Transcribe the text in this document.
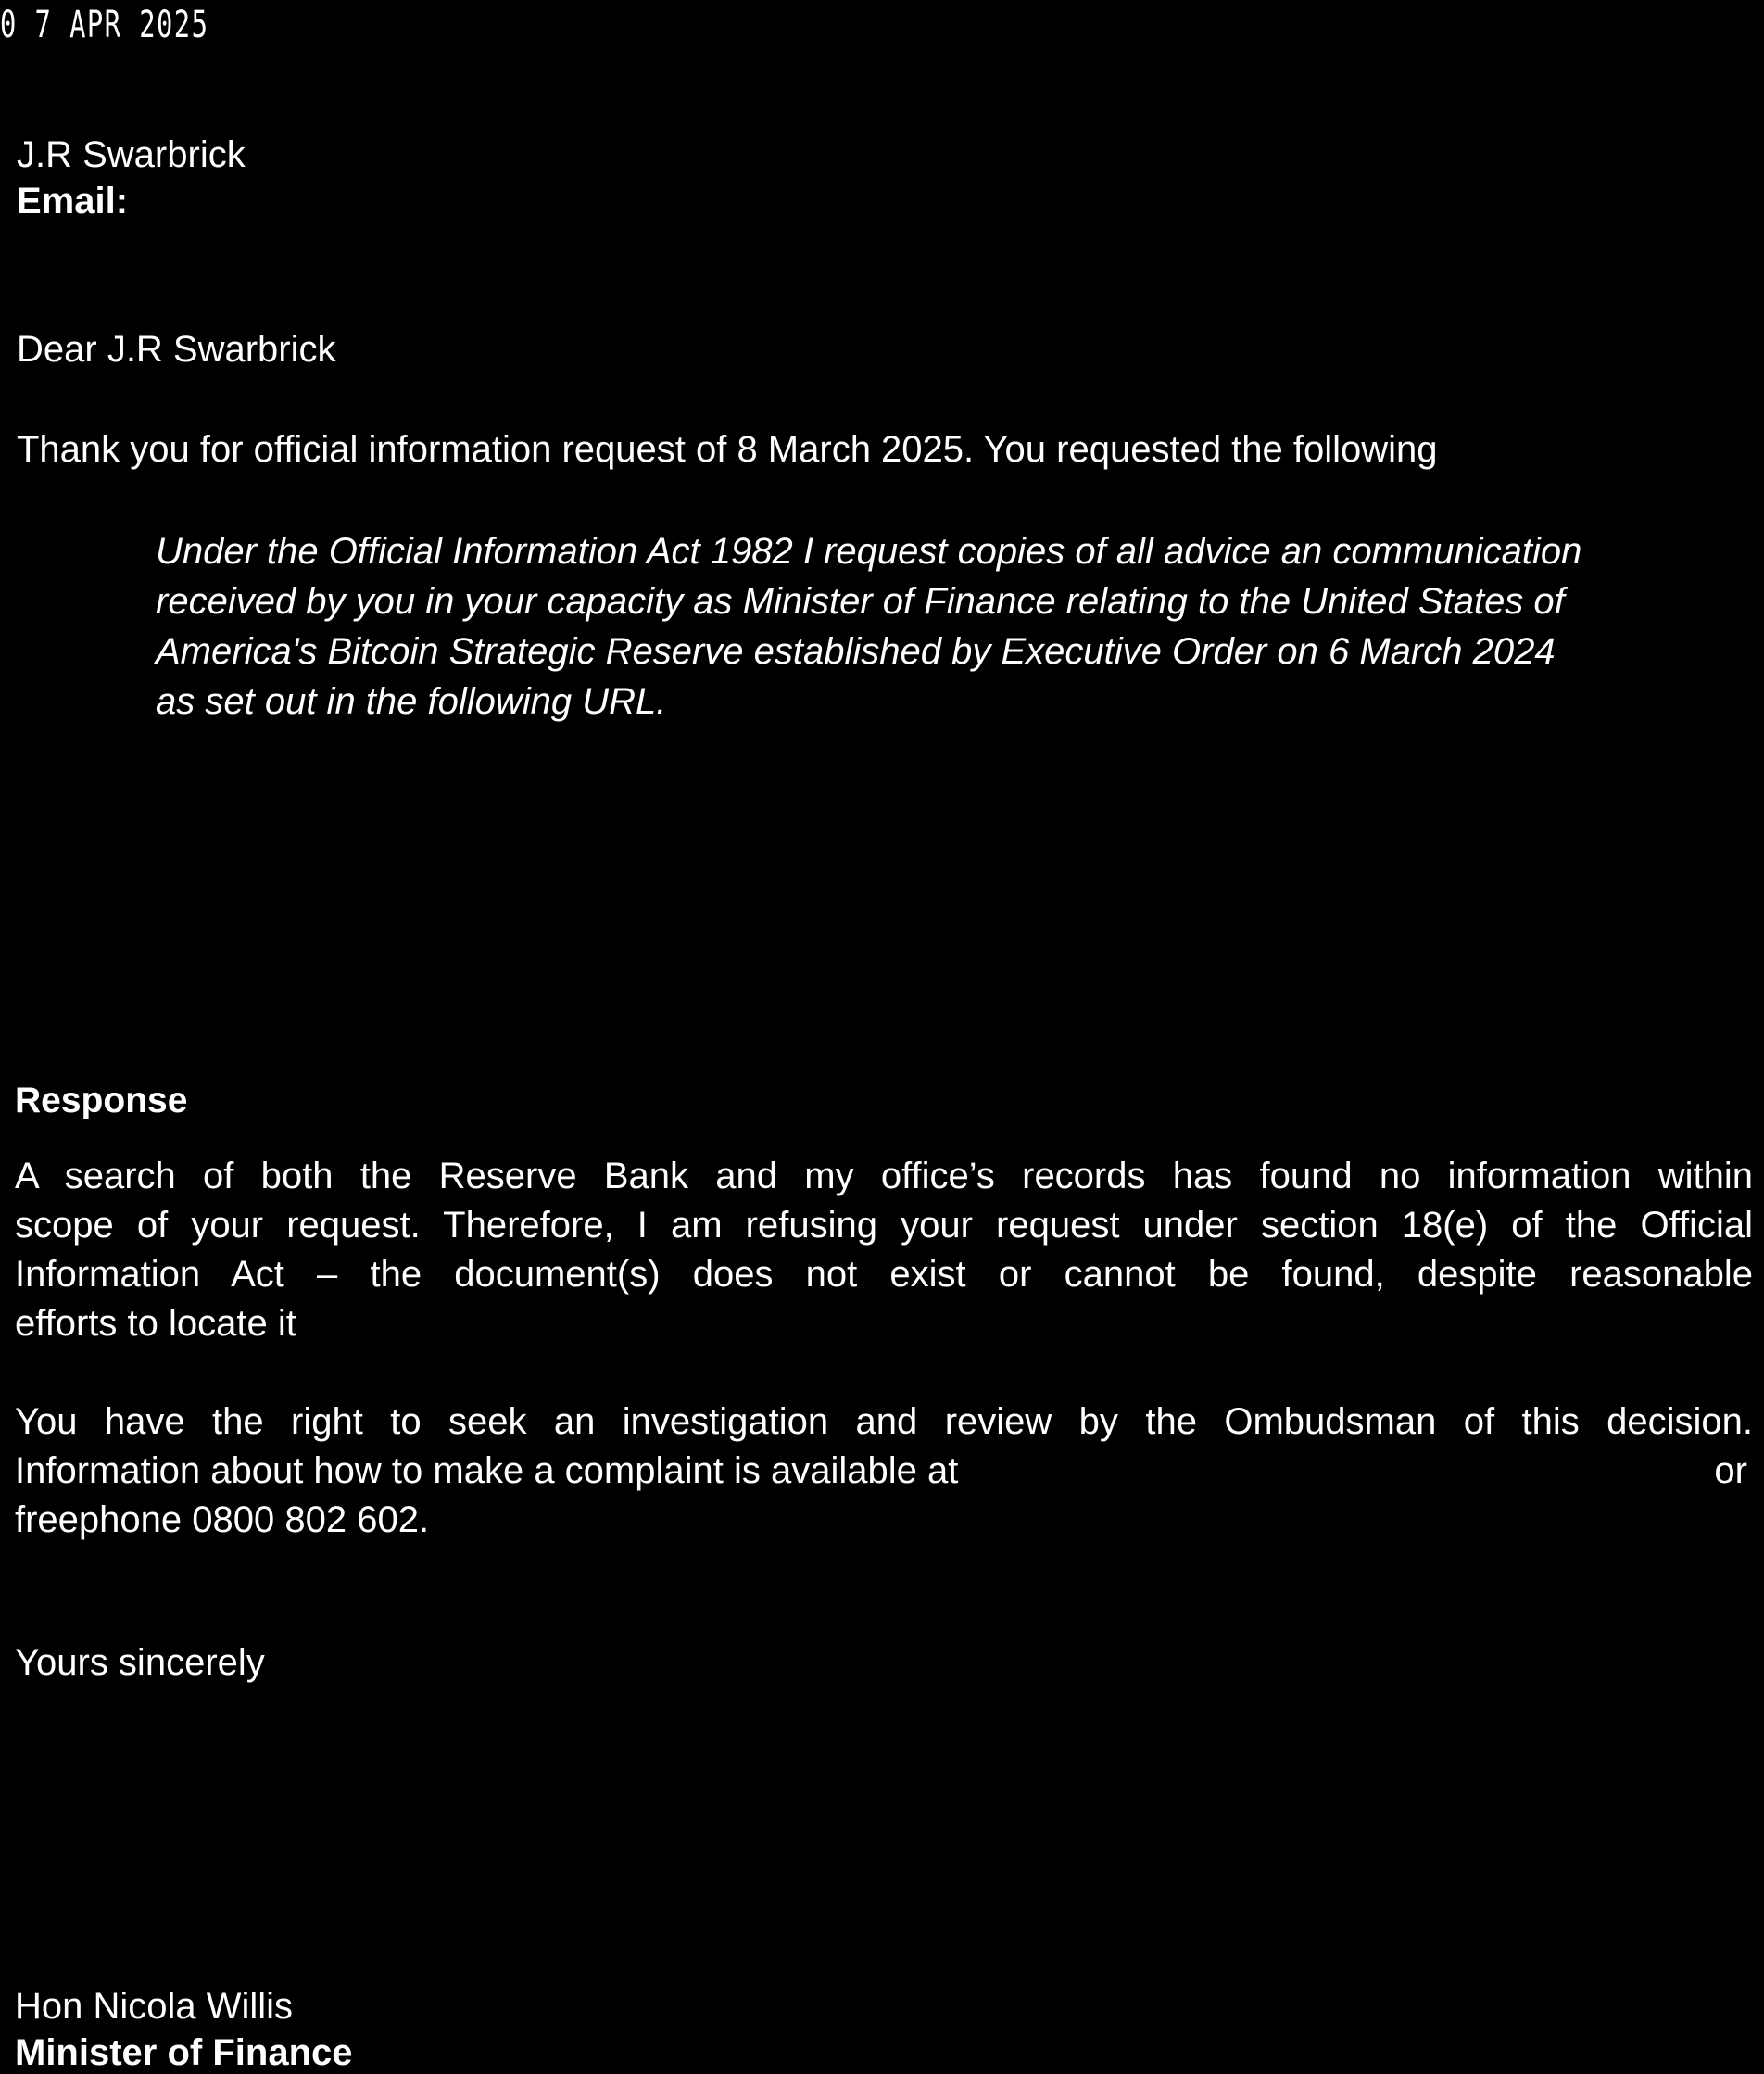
0 7 APR 2025
J.R Swarbrick
Email:
Dear J.R Swarbrick
Thank you for official information request of 8 March 2025. You requested the following
Under the Official Information Act 1982 I request copies of all advice an communication
received by you in your capacity as Minister of Finance relating to the United States of
America's Bitcoin Strategic Reserve established by Executive Order on 6 March 2024
as set out in the following URL.
Response
A search of both the Reserve Bank and my office’s records has found no information within
scope of your request. Therefore, I am refusing your request under section 18(e) of the Official
Information Act – the document(s) does not exist or cannot be found, despite reasonable
efforts to locate it
You have the right to seek an investigation and review by the Ombudsman of this decision.
Information about how to make a complaint is available at	or
freephone 0800 802 602.
Yours sincerely
Hon Nicola Willis
Minister of Finance
